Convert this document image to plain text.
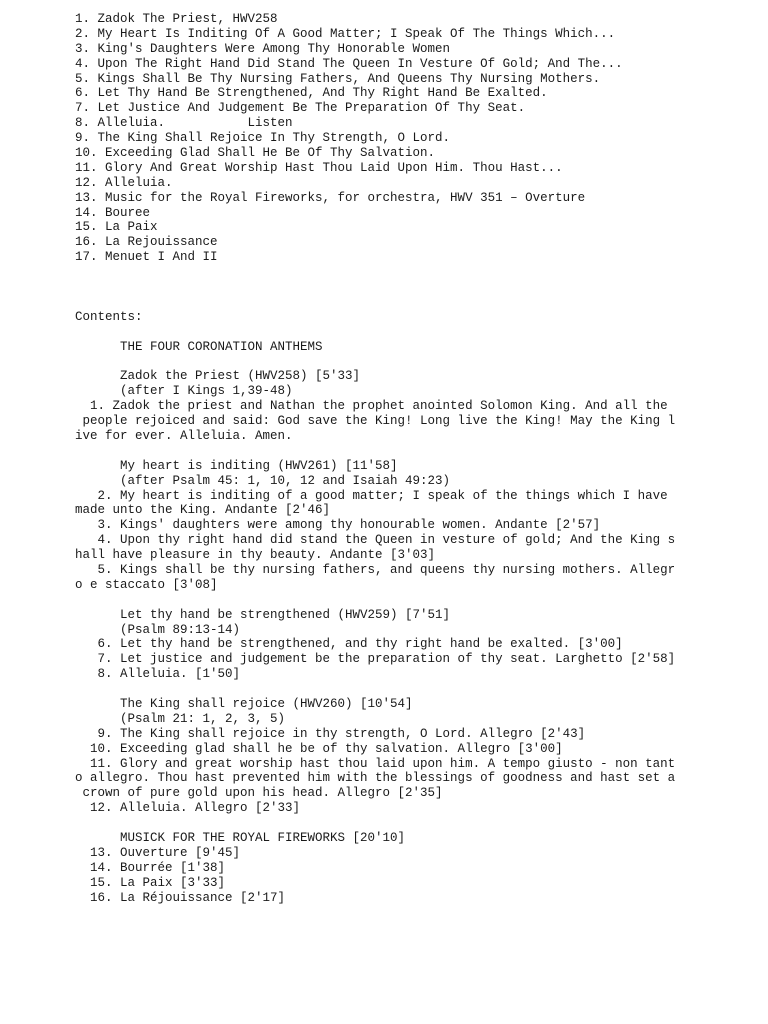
1. Zadok The Priest, HWV258
2. My Heart Is Inditing Of A Good Matter; I Speak Of The Things Which...
3. King's Daughters Were Among Thy Honorable Women
4. Upon The Right Hand Did Stand The Queen In Vesture Of Gold; And The...
5. Kings Shall Be Thy Nursing Fathers, And Queens Thy Nursing Mothers.
6. Let Thy Hand Be Strengthened, And Thy Right Hand Be Exalted.
7. Let Justice And Judgement Be The Preparation Of Thy Seat.
8. Alleluia.	Listen
9. The King Shall Rejoice In Thy Strength, O Lord.
10. Exceeding Glad Shall He Be Of Thy Salvation.
11. Glory And Great Worship Hast Thou Laid Upon Him. Thou Hast...
12. Alleluia.
13. Music for the Royal Fireworks, for orchestra, HWV 351 – Overture
14. Bouree
15. La Paix
16. La Rejouissance
17. Menuet I And II
Contents:
THE FOUR CORONATION ANTHEMS
Zadok the Priest (HWV258) [5'33]
(after I Kings 1,39-48)
1. Zadok the priest and Nathan the prophet anointed Solomon King. And all the
people rejoiced and said: God save the King! Long live the King! May the King l
ive for ever. Alleluia. Amen.
My heart is inditing (HWV261) [11'58]
(after Psalm 45: 1, 10, 12 and Isaiah 49:23)
2. My heart is inditing of a good matter; I speak of the things which I have
made unto the King. Andante [2'46]
3. Kings' daughters were among thy honourable women. Andante [2'57]
4. Upon thy right hand did stand the Queen in vesture of gold; And the King s
hall have pleasure in thy beauty. Andante [3'03]
5. Kings shall be thy nursing fathers, and queens thy nursing mothers. Allegr
o e staccato [3'08]
Let thy hand be strengthened (HWV259) [7'51]
(Psalm 89:13-14)
6. Let thy hand be strengthened, and thy right hand be exalted. [3'00]
7. Let justice and judgement be the preparation of thy seat. Larghetto [2'58]
8. Alleluia. [1'50]
The King shall rejoice (HWV260) [10'54]
(Psalm 21: 1, 2, 3, 5)
9. The King shall rejoice in thy strength, O Lord. Allegro [2'43]
10. Exceeding glad shall he be of thy salvation. Allegro [3'00]
11. Glory and great worship hast thou laid upon him. A tempo giusto - non tant
o allegro. Thou hast prevented him with the blessings of goodness and hast set a
crown of pure gold upon his head. Allegro [2'35]
12. Alleluia. Allegro [2'33]
MUSICK FOR THE ROYAL FIREWORKS [20'10]
13. Ouverture [9'45]
14. Bourrée [1'38]
15. La Paix [3'33]
16. La Réjouissance [2'17]
